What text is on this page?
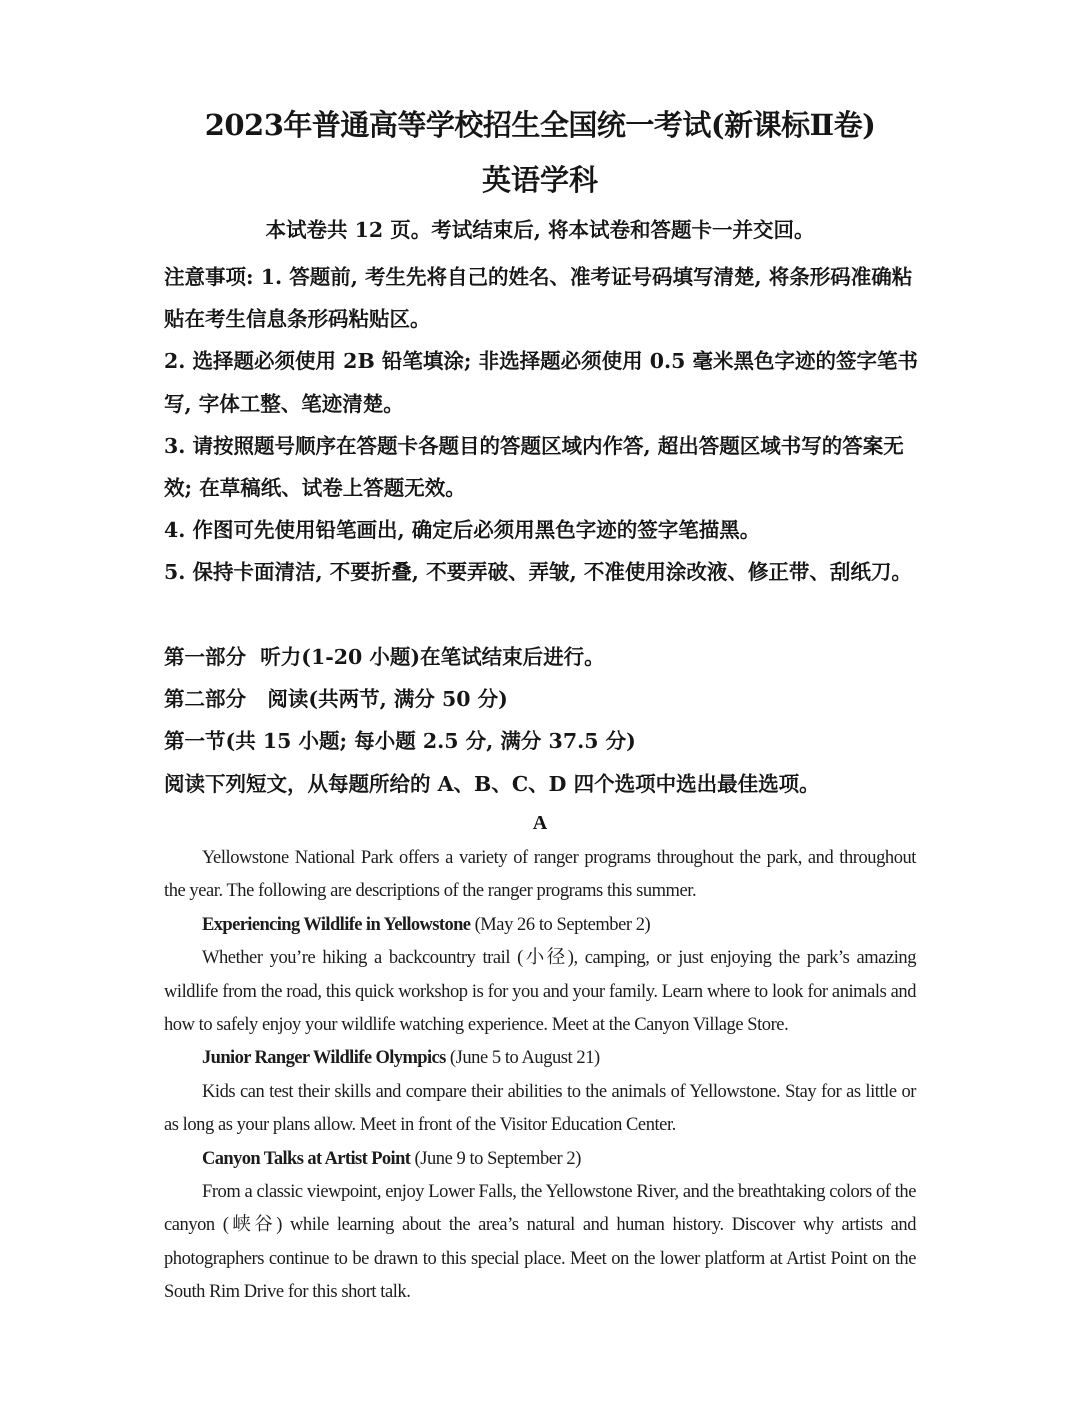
2023年普通高等学校招生全国统一考试(新课标Ⅱ卷)
英语学科
本试卷共 12 页。考试结束后, 将本试卷和答题卡一并交回。

注意事项: 1. 答题前, 考生先将自己的姓名、准考证号码填写清楚, 将条形码准确粘贴在考生信息条形码粘贴区。

2. 选择题必须使用 2B 铅笔填涂; 非选择题必须使用 0.5 毫米黑色字迹的签字笔书写, 字体工整、笔迹清楚。

3. 请按照题号顺序在答题卡各题目的答题区域内作答, 超出答题区域书写的答案无效; 在草稿纸、试卷上答题无效。

4. 作图可先使用铅笔画出, 确定后必须用黑色字迹的签字笔描黑。

5. 保持卡面清洁, 不要折叠, 不要弄破、弄皱, 不准使用涂改液、修正带、刮纸刀。

第一部分  听力(1-20 小题)在笔试结束后进行。

第二部分   阅读(共两节, 满分 50 分)

第一节(共 15 小题; 每小题 2.5 分, 满分 37.5 分)

阅读下列短文，从每题所给的 A、B、C、D 四个选项中选出最佳选项。

A

Yellowstone National Park offers a variety of ranger programs throughout the park, and throughout the year. The following are descriptions of the ranger programs this summer.

Experiencing Wildlife in Yellowstone (May 26 to September 2)

Whether you’re hiking a backcountry trail (小径), camping, or just enjoying the park’s amazing wildlife from the road, this quick workshop is for you and your family. Learn where to look for animals and how to safely enjoy your wildlife watching experience. Meet at the Canyon Village Store.

Junior Ranger Wildlife Olympics (June 5 to August 21)

Kids can test their skills and compare their abilities to the animals of Yellowstone. Stay for as little or as long as your plans allow. Meet in front of the Visitor Education Center.

Canyon Talks at Artist Point (June 9 to September 2)

From a classic viewpoint, enjoy Lower Falls, the Yellowstone River, and the breathtaking colors of the canyon (峡谷) while learning about the area’s natural and human history. Discover why artists and photographers continue to be drawn to this special place. Meet on the lower platform at Artist Point on the South Rim Drive for this short talk.
